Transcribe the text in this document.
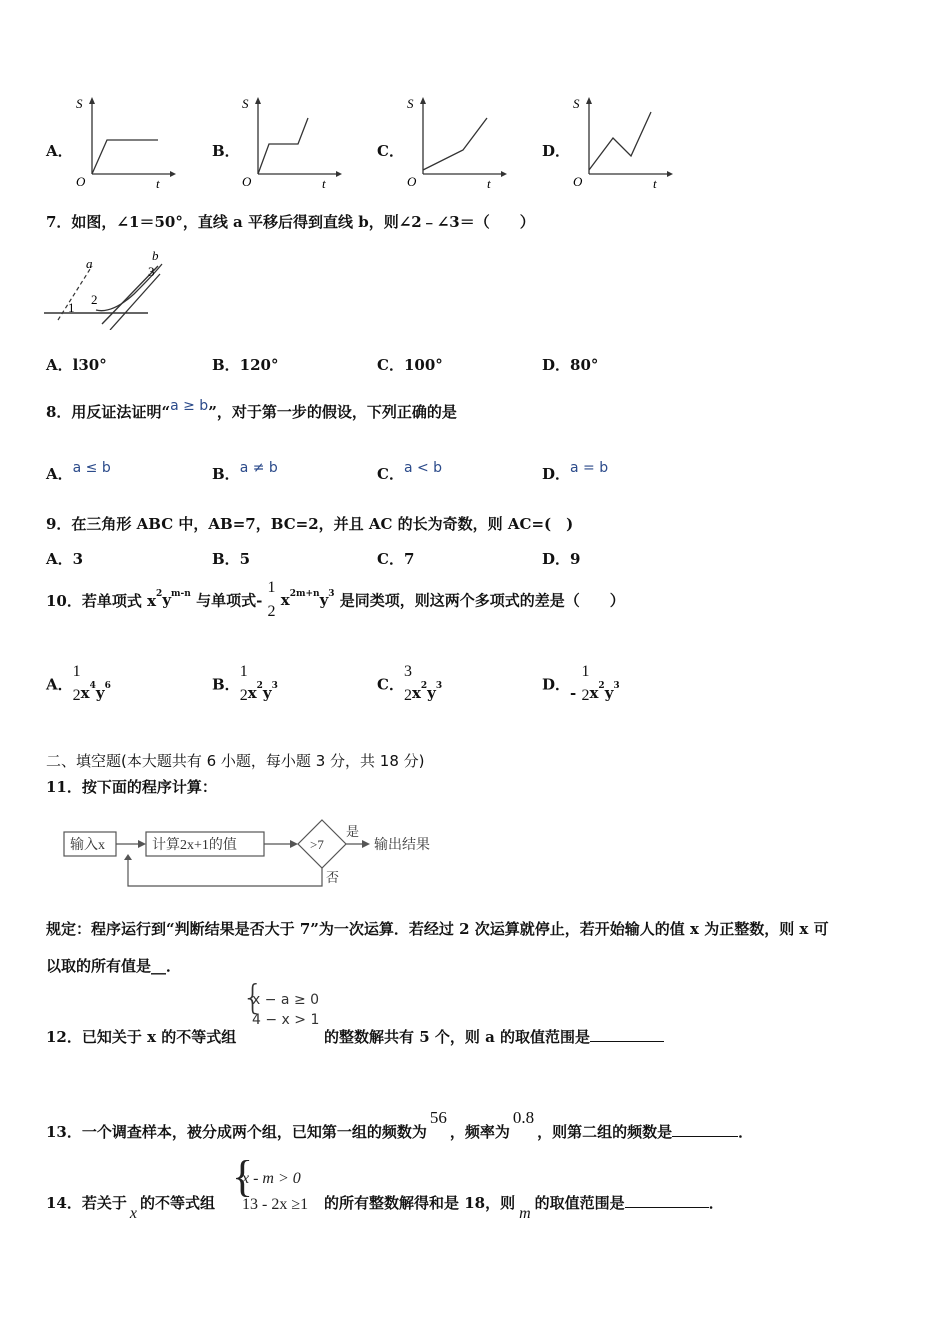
A．	B．	C．	D．
S
O	t
S
O	t
S
O	t
S
O	t
7．如图，∠1＝50°，直线 a 平移后得到直线 b，则∠2﹣∠3＝（　　）
a
b
1
2
3
A．l30°	B．120°	C．100°	D．80°
8．用反证法证明“a ≥ b”，对于第一步的假设，下列正确的是
A．a ≤ b	B．a ≠ b	C．a < b	D．a = b
9．在三角形 ABC 中，AB=7，BC=2，并且 AC 的长为奇数，则 AC=(　)
A．3	B．5	C．7	D．9
10．若单项式 $x^2y^{m-n}$ 与单项式-
1
2
$x^{2m+n}y^3$ 是同类项，则这两个多项式的差是（　　）
A．
1
2 x4y6	B．
1
2 x2y3	C．
3
2 x2y3	D．-
1
2 x2y3
二、填空题(本大题共有 6 小题，每小题 3 分，共 18 分)
11．按下面的程序计算：
输入x	计算2x+1的值	>7
是
输出结果
否
规定：程序运行到“判断结果是否大于 7”为一次运算．若经过 2 次运算就停止，若开始输人的值 x 为正整数，则 x 可
以取的所有值是__．
12．已知关于 x 的不等式组
{
x − a ≥ 0
4 − x > 1
的整数解共有 5 个，则 a 的取值范围是
13．一个调查样本，被分成两个组，已知第一组的频数为56，频率为0.8，则第二组的频数是	．
14．若关于x的不等式组
{
x - m > 0
13 - 2x ≥1 的所有整数解得和是 18，则m的取值范围是	．
